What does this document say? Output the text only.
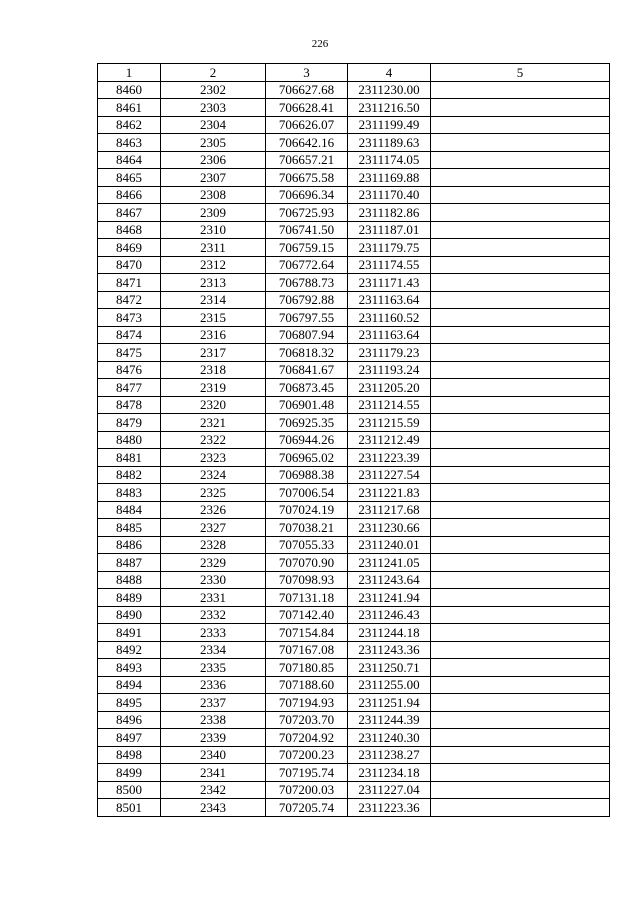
226
1	2	3	4	5
8460	2302	706627.68	2311230.00	
8461	2303	706628.41	2311216.50	
8462	2304	706626.07	2311199.49	
8463	2305	706642.16	2311189.63	
8464	2306	706657.21	2311174.05	
8465	2307	706675.58	2311169.88	
8466	2308	706696.34	2311170.40	
8467	2309	706725.93	2311182.86	
8468	2310	706741.50	2311187.01	
8469	2311	706759.15	2311179.75	
8470	2312	706772.64	2311174.55	
8471	2313	706788.73	2311171.43	
8472	2314	706792.88	2311163.64	
8473	2315	706797.55	2311160.52	
8474	2316	706807.94	2311163.64	
8475	2317	706818.32	2311179.23	
8476	2318	706841.67	2311193.24	
8477	2319	706873.45	2311205.20	
8478	2320	706901.48	2311214.55	
8479	2321	706925.35	2311215.59	
8480	2322	706944.26	2311212.49	
8481	2323	706965.02	2311223.39	
8482	2324	706988.38	2311227.54	
8483	2325	707006.54	2311221.83	
8484	2326	707024.19	2311217.68	
8485	2327	707038.21	2311230.66	
8486	2328	707055.33	2311240.01	
8487	2329	707070.90	2311241.05	
8488	2330	707098.93	2311243.64	
8489	2331	707131.18	2311241.94	
8490	2332	707142.40	2311246.43	
8491	2333	707154.84	2311244.18	
8492	2334	707167.08	2311243.36	
8493	2335	707180.85	2311250.71	
8494	2336	707188.60	2311255.00	
8495	2337	707194.93	2311251.94	
8496	2338	707203.70	2311244.39	
8497	2339	707204.92	2311240.30	
8498	2340	707200.23	2311238.27	
8499	2341	707195.74	2311234.18	
8500	2342	707200.03	2311227.04	
8501	2343	707205.74	2311223.36	
